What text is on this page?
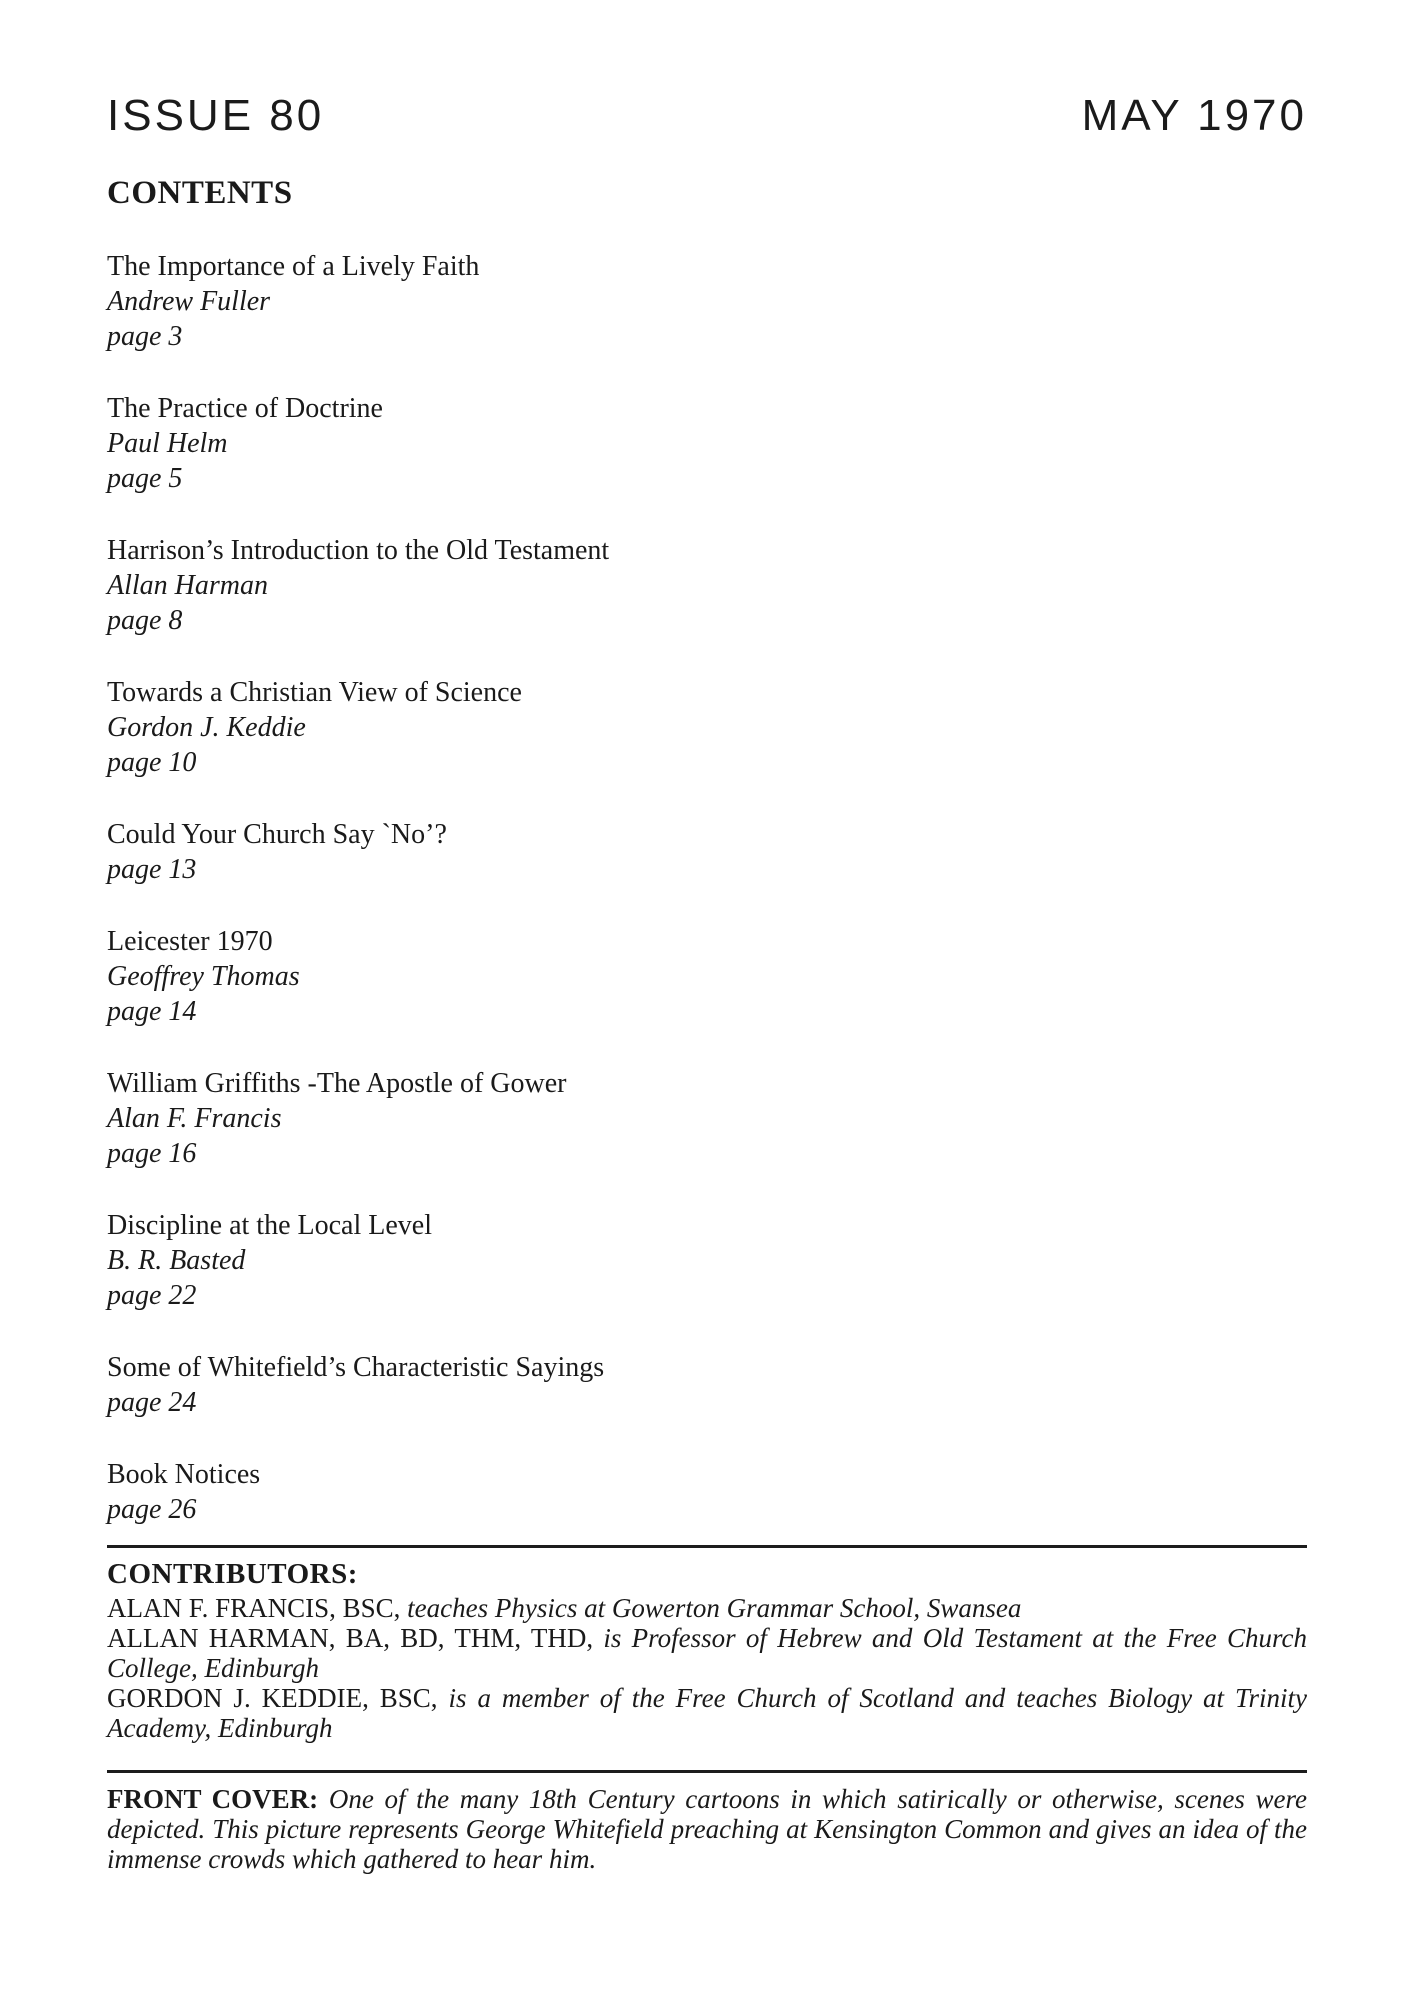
ISSUE 80	MAY 1970
CONTENTS
The Importance of a Lively Faith
Andrew Fuller
page 3
The Practice of Doctrine
Paul Helm
page 5
Harrison’s Introduction to the Old Testament
Allan Harman
page 8
Towards a Christian View of Science
Gordon J. Keddie
page 10
Could Your Church Say `No’?
page 13
Leicester 1970
Geoffrey Thomas
page 14
William Griffiths -The Apostle of Gower
Alan F. Francis
page 16
Discipline at the Local Level
B. R. Basted
page 22
Some of Whitefield’s Characteristic Sayings
page 24
Book Notices
page 26
CONTRIBUTORS:

ALAN F. FRANCIS, BSC, teaches Physics at Gowerton Grammar School, Swansea

ALLAN HARMAN, BA, BD, THM, THD, is Professor of Hebrew and Old Testament at the Free Church College, Edinburgh

GORDON J. KEDDIE, BSC, is a member of the Free Church of Scotland and teaches Biology at Trinity Academy, Edinburgh

FRONT COVER: One of the many 18th Century cartoons in which satirically or otherwise, scenes were depicted. This picture represents George Whitefield preaching at Kensington Common and gives an idea of the immense crowds which gathered to hear him.
